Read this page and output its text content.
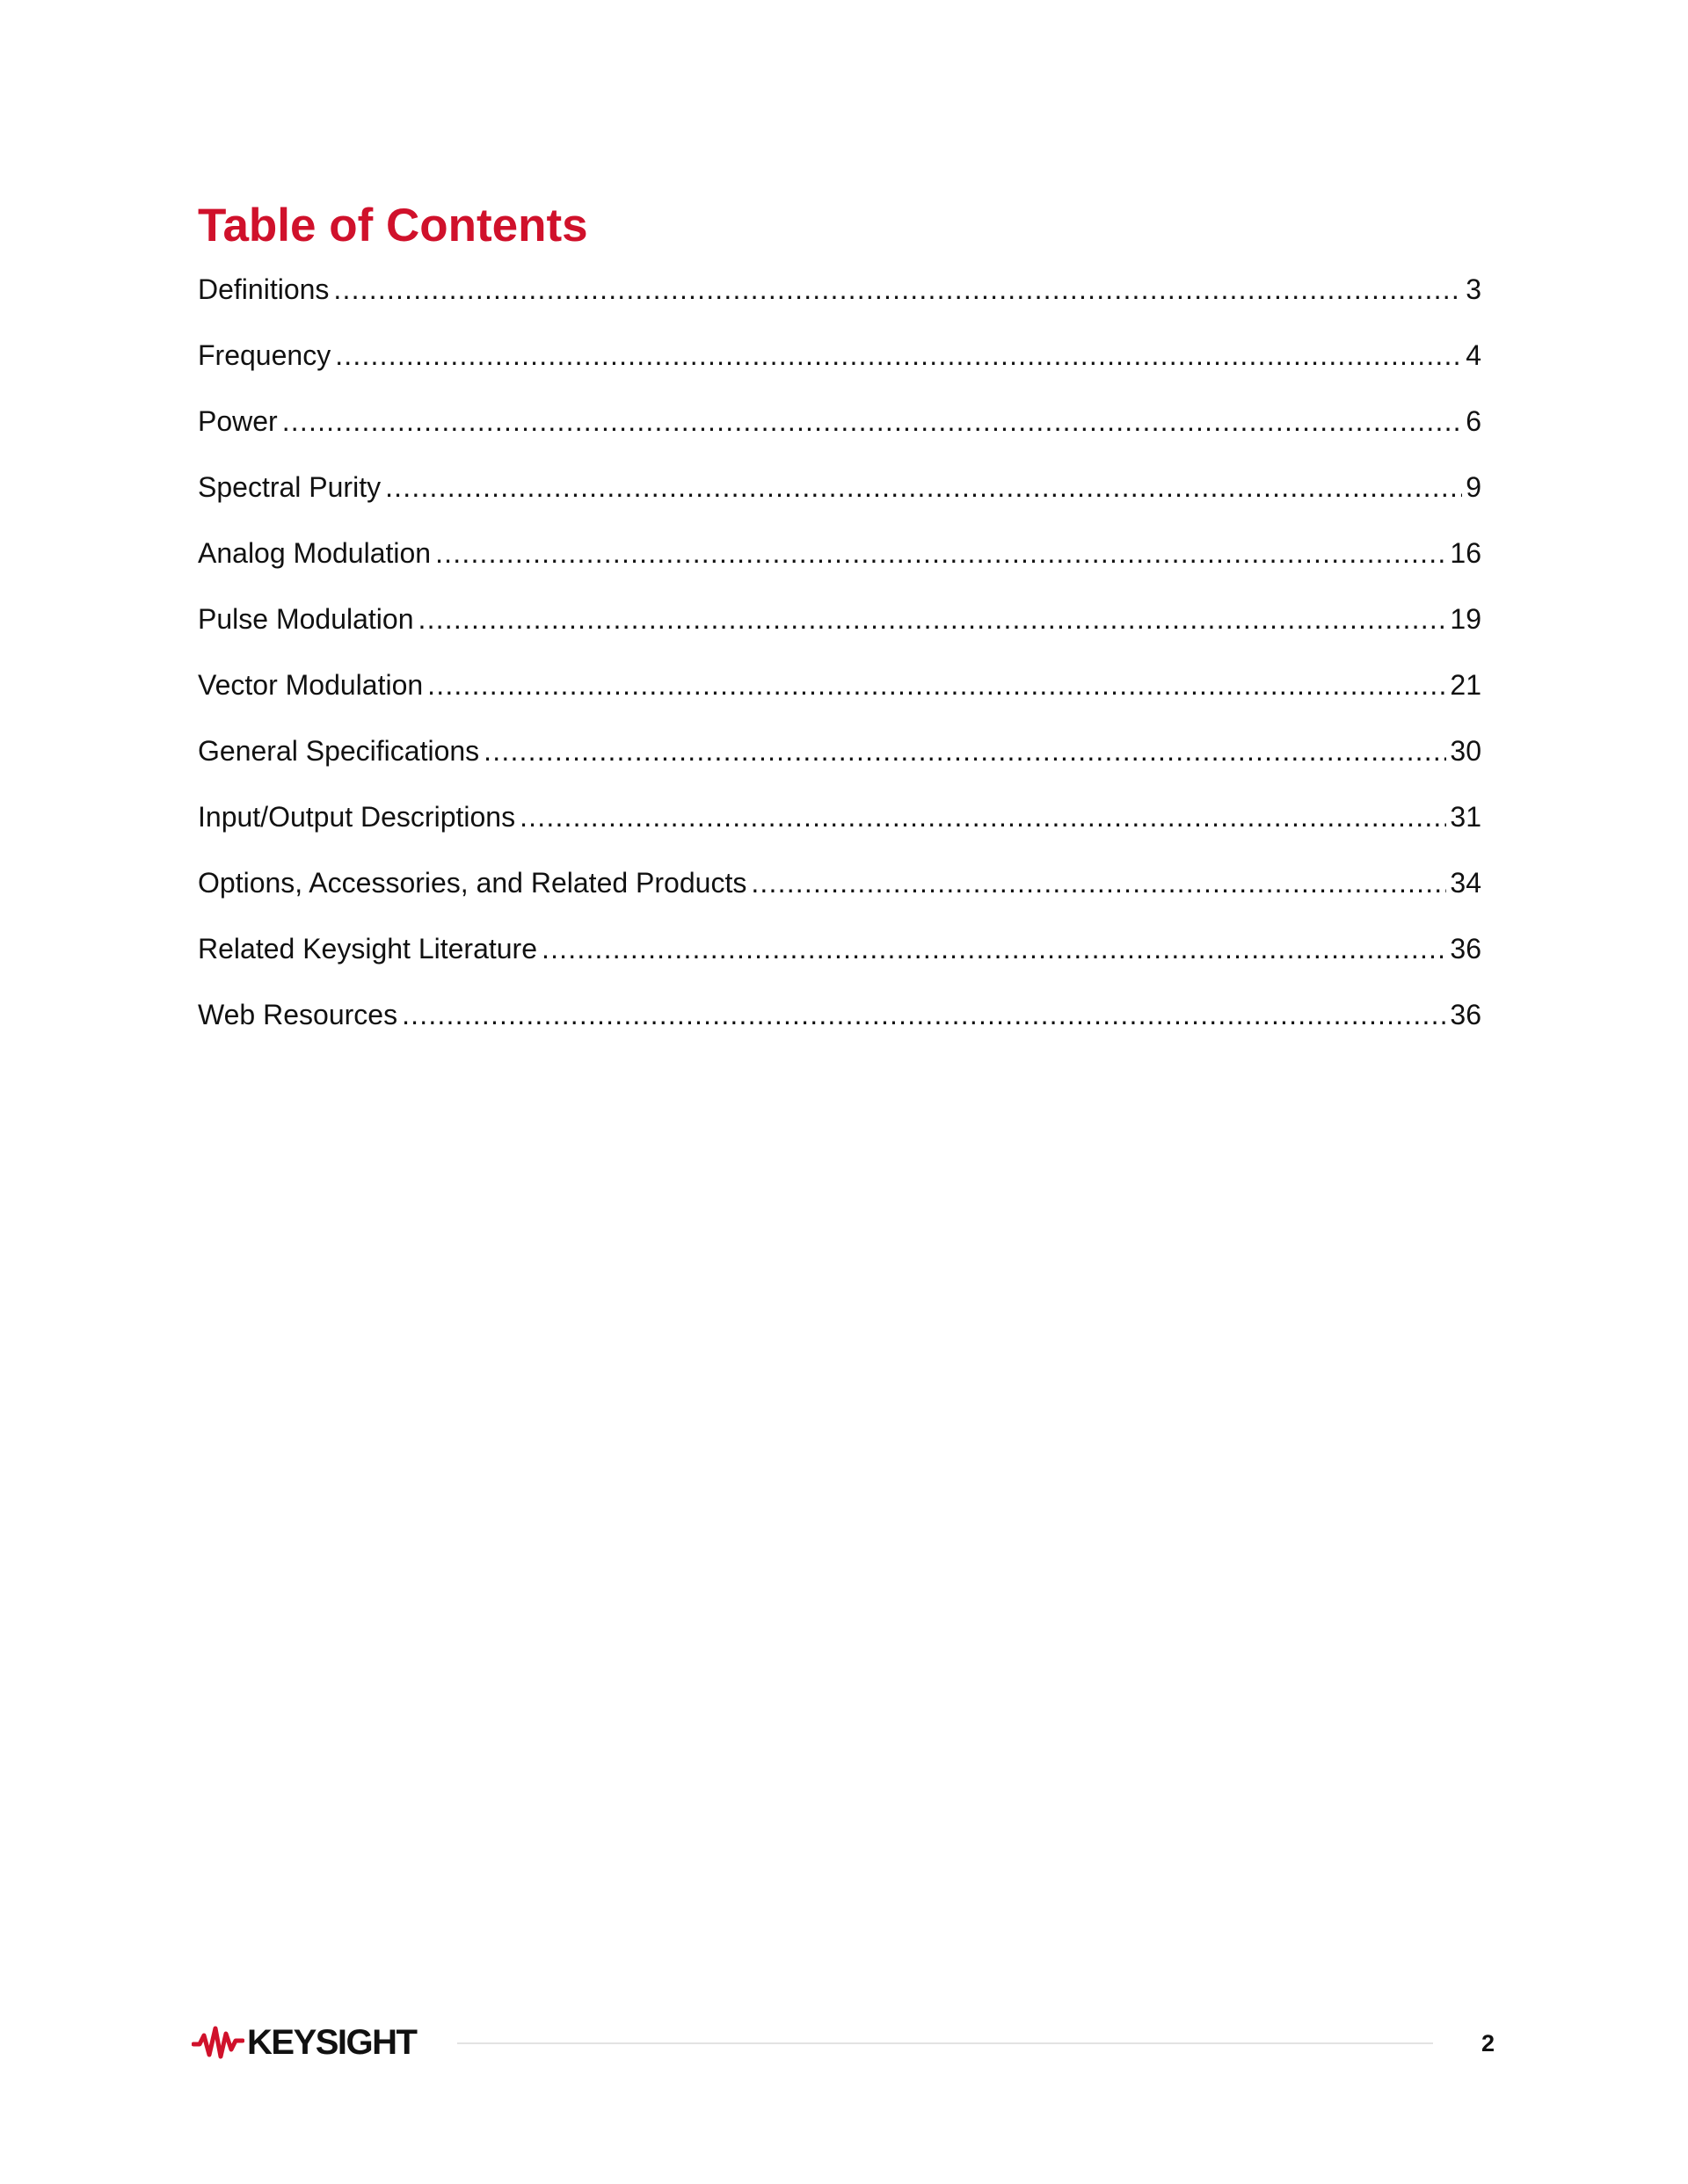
Table of Contents
Definitions .....	3
Frequency .....	4
Power .....	6
Spectral Purity .....	9
Analog Modulation .....	16
Pulse Modulation .....	19
Vector Modulation .....	21
General Specifications .....	30
Input/Output Descriptions .....	31
Options, Accessories, and Related Products .....	34
Related Keysight Literature .....	36
Web Resources .....	36
KEYSIGHT	2
